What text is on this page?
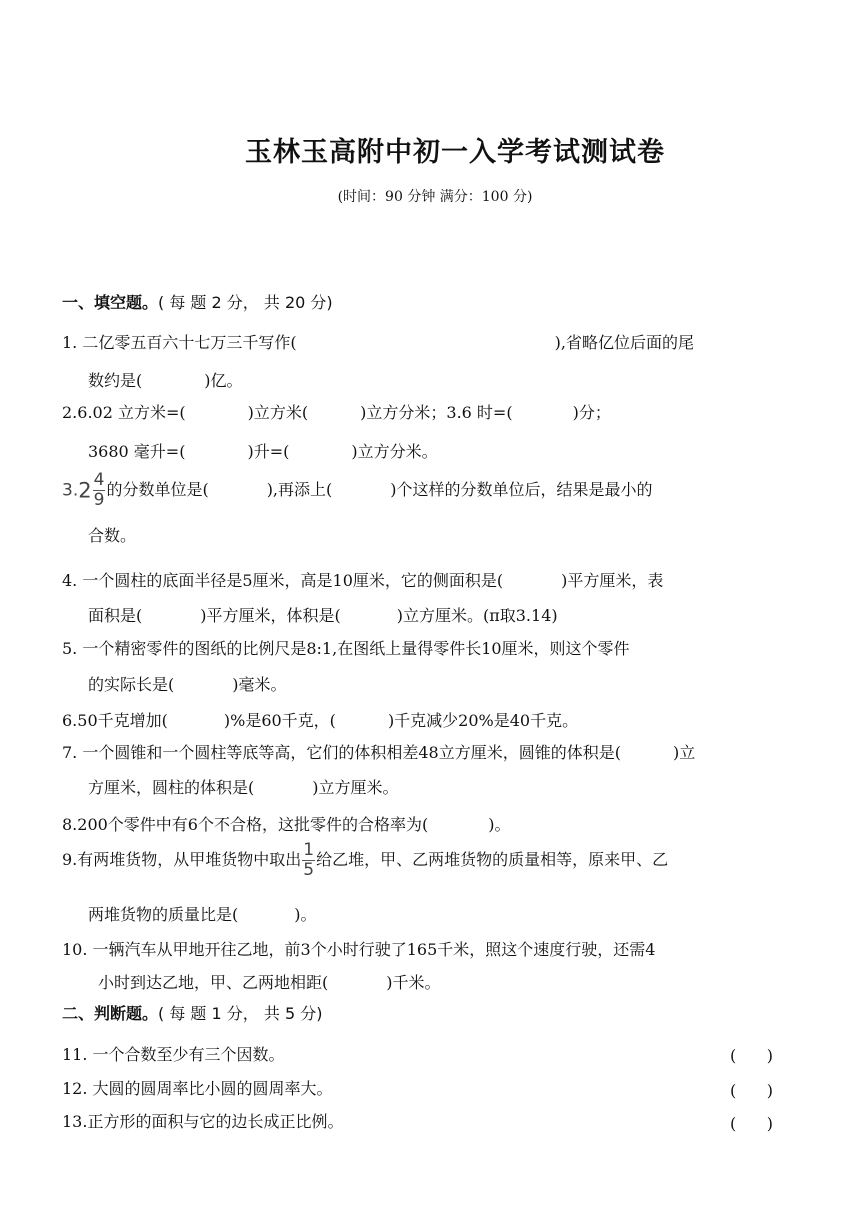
玉林玉高附中初一入学考试测试卷
(时间：90 分钟 满分：100 分)
一、填空题。( 每 题 2 分， 共 20 分)
1. 二亿零五百六十七万三千写作(	),省略亿位后面的尾
数约是(	)亿。
2.6.02 立方米=(	)立方米(	)立方分米；3.6 时=(	)分；
3680 毫升=(	)升=(	)立方分米。
$3.2 \frac{4}{9}$ 的分数单位是(	),再添上(	)个这样的分数单位后，结果是最小的
合数。
4. 一个圆柱的底面半径是5厘米，高是10厘米，它的侧面积是(	)平方厘米，表
面积是(	)平方厘米，体积是(	)立方厘米。(π取3.14)
5. 一个精密零件的图纸的比例尺是8:1,在图纸上量得零件长10厘米，则这个零件
的实际长是(	)毫米。
6.50千克增加(	)%是60千克，(	)千克减少20%是40千克。
7. 一个圆锥和一个圆柱等底等高，它们的体积相差48立方厘米，圆锥的体积是(	)立
方厘米，圆柱的体积是(	)立方厘米。
8.200个零件中有6个不合格，这批零件的合格率为(	)。
9.有两堆货物，从甲堆货物中取出 $\frac{1}{5}$ 给乙堆，甲、乙两堆货物的质量相等，原来甲、乙
两堆货物的质量比是(	)。
10. 一辆汽车从甲地开往乙地，前3个小时行驶了165千米，照这个速度行驶，还需4
小时到达乙地，甲、乙两地相距(	)千米。
二、判断题。( 每 题 1 分， 共 5 分)
11. 一个合数至少有三个因数。	(      )
12. 大圆的圆周率比小圆的圆周率大。	(      )
13.正方形的面积与它的边长成正比例。	(      )
